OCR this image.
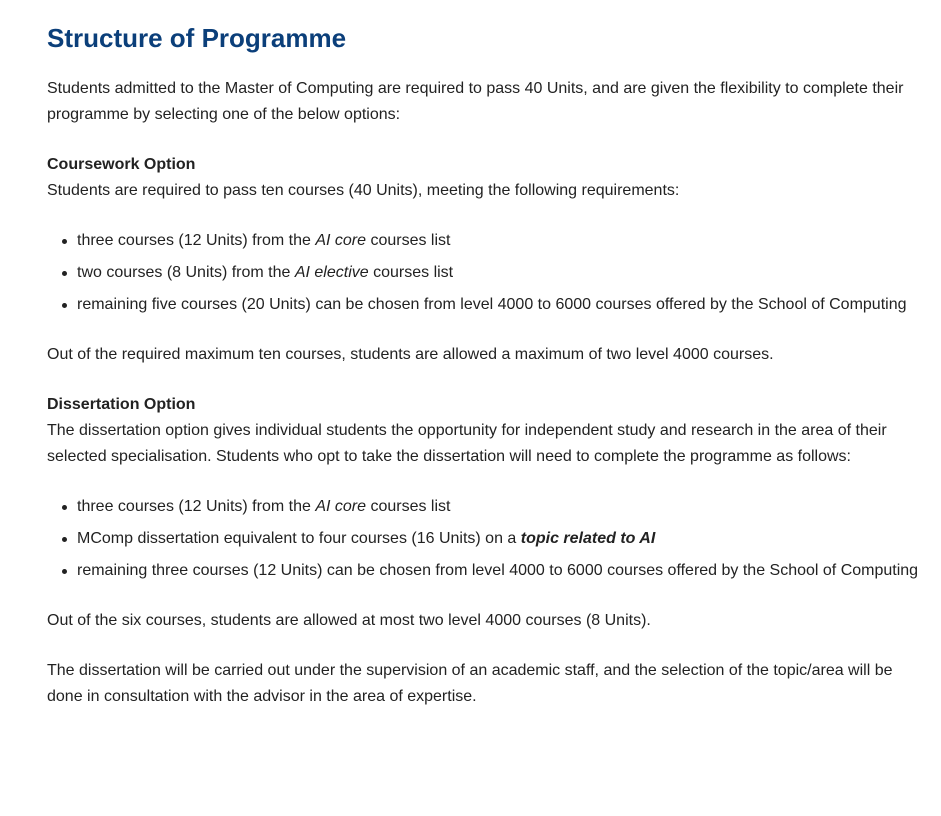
Structure of Programme

Students admitted to the Master of Computing are required to pass 40 Units, and are given the flexibility to complete their programme by selecting one of the below options:

Coursework Option
Students are required to pass ten courses (40 Units), meeting the following requirements:

three courses (12 Units) from the AI core courses list
two courses (8 Units) from the AI elective courses list
remaining five courses (20 Units) can be chosen from level 4000 to 6000 courses offered by the School of Computing

Out of the required maximum ten courses, students are allowed a maximum of two level 4000 courses.

Dissertation Option
The dissertation option gives individual students the opportunity for independent study and research in the area of their selected specialisation. Students who opt to take the dissertation will need to complete the programme as follows:

three courses (12 Units) from the AI core courses list
MComp dissertation equivalent to four courses (16 Units) on a topic related to AI
remaining three courses (12 Units) can be chosen from level 4000 to 6000 courses offered by the School of Computing

Out of the six courses, students are allowed at most two level 4000 courses (8 Units).

The dissertation will be carried out under the supervision of an academic staff, and the selection of the topic/area will be done in consultation with the advisor in the area of expertise.
